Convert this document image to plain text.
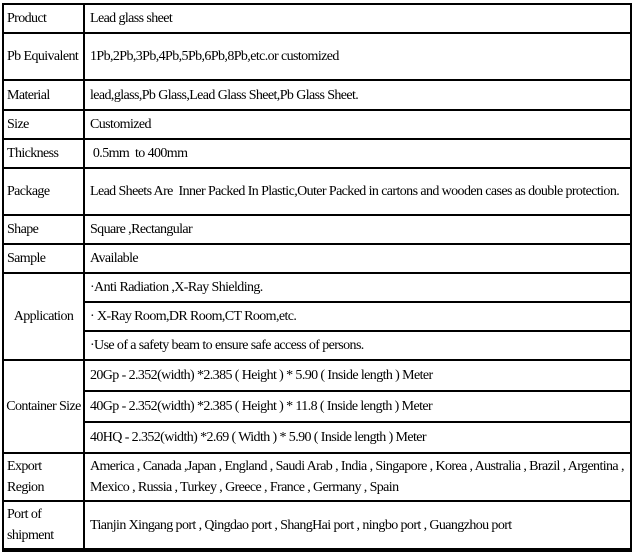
Product	Lead glass sheet
Pb Equivalent	1Pb,2Pb,3Pb,4Pb,5Pb,6Pb,8Pb,etc.or customized
Material	lead,glass,Pb Glass,Lead Glass Sheet,Pb Glass Sheet.
Size	Customized
Thickness	0.5mm  to 400mm
Package	Lead Sheets Are  Inner Packed In Plastic,Outer Packed in cartons and wooden cases as double protection.
Shape	Square ,Rectangular
Sample	Available
Application	·Anti Radiation ,X-Ray Shielding.
	· X-Ray Room,DR Room,CT Room,etc.
	·Use of a safety beam to ensure safe access of persons.
Container Size	20Gp - 2.352(width) *2.385 ( Height ) * 5.90 ( Inside length ) Meter
	40Gp - 2.352(width) *2.385 ( Height ) * 11.8 ( Inside length ) Meter
	40HQ - 2.352(width) *2.69 ( Width ) * 5.90 ( Inside length ) Meter
Export Region	America , Canada ,Japan , England , Saudi Arab , India , Singapore , Korea , Australia , Brazil , Argentina , Mexico , Russia , Turkey , Greece , France , Germany , Spain
Port of shipment	Tianjin Xingang port , Qingdao port , ShangHai port , ningbo port , Guangzhou port
